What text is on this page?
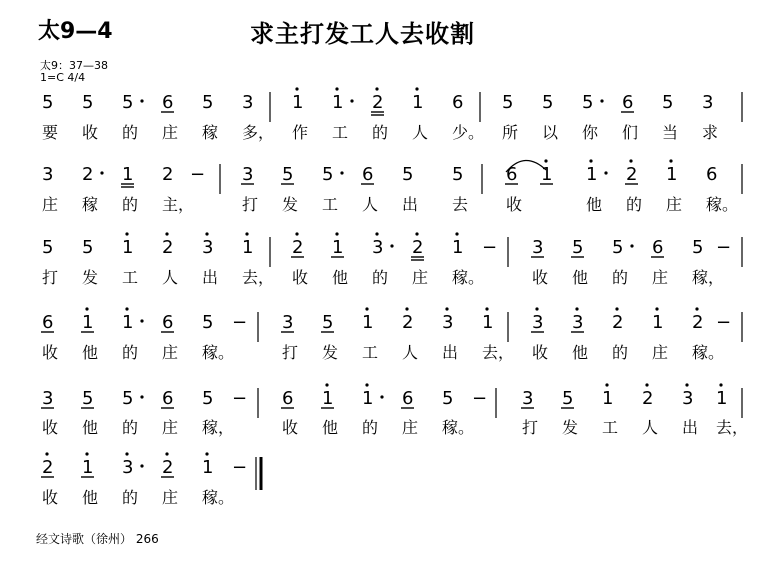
太9—4	求主打发工人去收割
太9：37—38
1=C 4/4
5 5 5 6 5 3
要 收 的 庄 稼 多，
1 1 2 1 6
作 工 的 人 少。
5 5 5 6 5 3
所 以 你 们 当 求
3 2 1 2 −
庄 稼 的 主，
3 5 5 6 5 5
打 发 工 人 出 去
6 1 1 2 1 6
收	他 的 庄 稼。
5 5 1 2 3 1
打 发 工 人 出 去，
2 1 3 2 1 −
收 他 的 庄 稼。
3 5 5 6 5 −
收 他 的 庄 稼，
6 1 1 6 5 −
收 他 的 庄 稼。
3 5 1 2 3 1
打 发 工 人 出 去，
3 3 2 1 2 −
收 他 的 庄 稼。
3 5 5 6 5 −
收 他 的 庄 稼，
6 1 1 6 5 −
收 他 的 庄 稼。
3 5 1 2 3 1
打 发 工 人 出 去，
2 1 3 2 1 −
收 他 的 庄 稼。
经文诗歌（徐州） 266
